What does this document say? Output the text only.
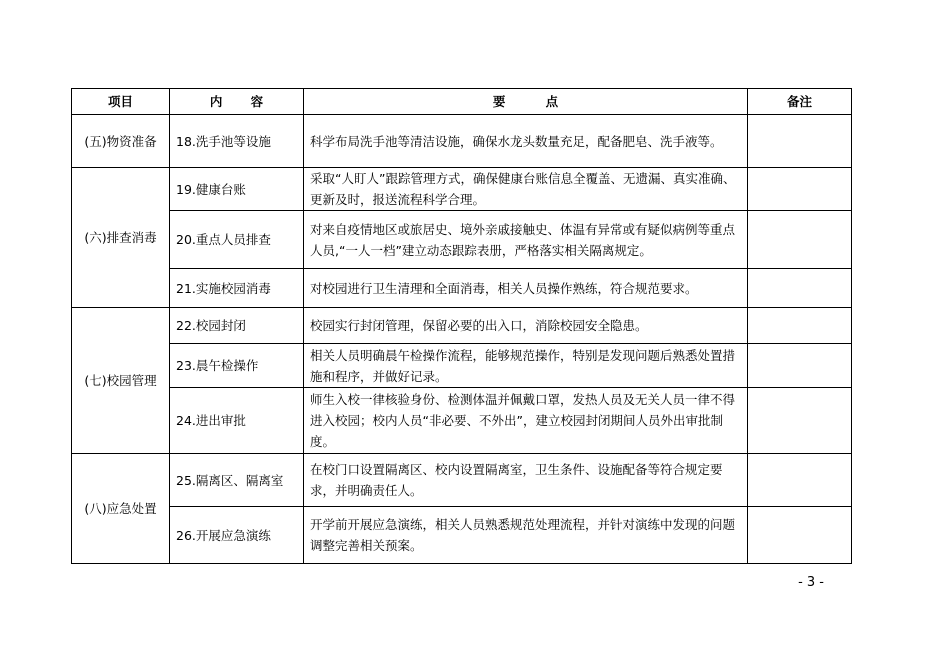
项目	内 容	要 点	备注
(五)物资准备	18.洗手池等设施	科学布局洗手池等清洁设施，确保水龙头数量充足，配备肥皂、洗手液等。	
(六)排查消毒	19.健康台账	采取“人盯人”跟踪管理方式，确保健康台账信息全覆盖、无遗漏、真实准确、更新及时，报送流程科学合理。	
	20.重点人员排查	对来自疫情地区或旅居史、境外亲戚接触史、体温有异常或有疑似病例等重点人员,“一人一档”建立动态跟踪表册，严格落实相关隔离规定。	
	21.实施校园消毒	对校园进行卫生清理和全面消毒，相关人员操作熟练，符合规范要求。	
(七)校园管理	22.校园封闭	校园实行封闭管理，保留必要的出入口，消除校园安全隐患。	
	23.晨午检操作	相关人员明确晨午检操作流程，能够规范操作，特别是发现问题后熟悉处置措施和程序，并做好记录。	
	24.进出审批	师生入校一律核验身份、检测体温并佩戴口罩，发热人员及无关人员一律不得进入校园；校内人员“非必要、不外出”，建立校园封闭期间人员外出审批制度。	
(八)应急处置	25.隔离区、隔离室	在校门口设置隔离区、校内设置隔离室，卫生条件、设施配备等符合规定要求，并明确责任人。	
	26.开展应急演练	开学前开展应急演练，相关人员熟悉规范处理流程，并针对演练中发现的问题调整完善相关预案。	
- 3 -
